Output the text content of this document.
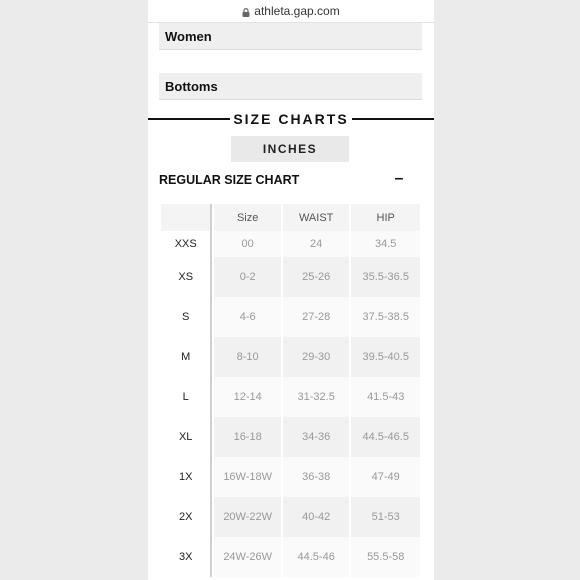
athleta.gap.com
Women
Bottoms
SIZE CHARTS
INCHES
REGULAR SIZE CHART	–
	Size	WAIST	HIP
XXS	00	24	34.5
XS	0-2	25-26	35.5-36.5
S	4-6	27-28	37.5-38.5
M	8-10	29-30	39.5-40.5
L	12-14	31-32.5	41.5-43
XL	16-18	34-36	44.5-46.5
1X	16W-18W	36-38	47-49
2X	20W-22W	40-42	51-53
3X	24W-26W	44.5-46	55.5-58
